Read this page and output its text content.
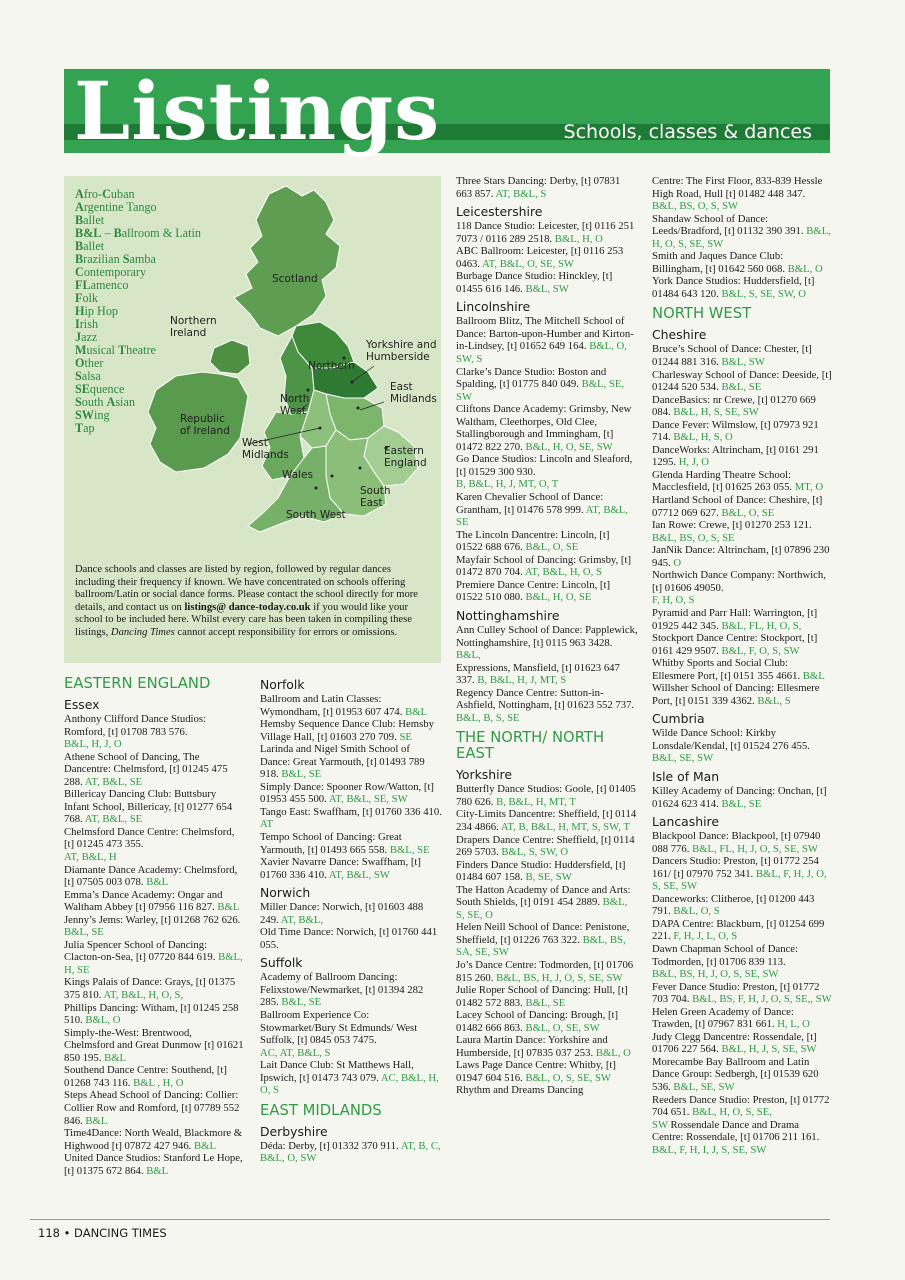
Listings	Schools, classes & dances
Afro-Cuban
Argentine Tango
Ballet
B&L – Ballroom & Latin
Ballet
Brazilian Samba
Contemporary
FLamenco
Folk
Hip Hop
Irish
Jazz
Musical Theatre
Other
Salsa
SEquence
South Asian
SWing
Tap
Scotland
Northern
Ireland
Yorkshire and
Humberside
Northern
East
Midlands
North
West
Republic
of Ireland
West
Midlands	Eastern
England
Wales
South
East
South West
Dance schools and classes are listed by region, followed by regular dances including their frequency if known. We have concentrated on schools offering ballroom/Latin or social dance forms. Please contact the school directly for more details, and contact us on listings@ dance-today.co.uk if you would like your school to be included here. Whilst every care has been taken in compiling these listings, Dancing Times cannot accept responsibility for errors or omissions.
EASTERN ENGLAND
Essex
Anthony Clifford Dance Studios: Romford, [t] 01708 783 576.
B&L, H, J, O
Athene School of Dancing, The Dancentre: Chelmsford, [t] 01245 475 288. AT, B&L, SE
Billericay Dancing Club: Buttsbury Infant School, Billericay, [t] 01277 654 768. AT, B&L, SE
Chelmsford Dance Centre: Chelmsford, [t] 01245 473 355.
AT, B&L, H
Diamante Dance Academy: Chelmsford, [t] 07505 003 078. B&L
Emma’s Dance Academy: Ongar and Waltham Abbey [t] 07956 116 827. B&L
Jenny’s Jems: Warley, [t] 01268 762 626. B&L, SE
Julia Spencer School of Dancing: Clacton-on-Sea, [t] 07720 844 619. B&L, H, SE
Kings Palais of Dance: Grays, [t] 01375 375 810. AT, B&L, H, O, S,
Phillips Dancing: Witham, [t] 01245 258 510. B&L, O
Simply-the-West: Brentwood, Chelmsford and Great Dunmow [t] 01621 850 195. B&L
Southend Dance Centre: Southend, [t] 01268 743 116. B&L , H, O
Steps Ahead School of Dancing: Collier: Collier Row and Romford, [t] 07789 552 846. B&L
Time4Dance: North Weald, Blackmore & Highwood [t] 07872 427 946. B&L
United Dance Studios: Stanford Le Hope, [t] 01375 672 864. B&L
Norfolk
Ballroom and Latin Classes: Wymondham, [t] 01953 607 474. B&L
Hemsby Sequence Dance Club: Hemsby Village Hall, [t] 01603 270 709. SE
Larinda and Nigel Smith School of Dance: Great Yarmouth, [t] 01493 789 918. B&L, SE
Simply Dance: Spooner Row/Watton, [t] 01953 455 500. AT, B&L, SE, SW
Tango East: Swaffham, [t] 01760 336 410. AT
Tempo School of Dancing: Great Yarmouth, [t] 01493 665 558. B&L, SE
Xavier Navarre Dance: Swaffham, [t] 01760 336 410. AT, B&L, SW
Norwich
Miller Dance: Norwich, [t] 01603 488 249. AT, B&L,
Old Time Dance: Norwich, [t] 01760 441 055.
Suffolk
Academy of Ballroom Dancing: Felixstowe/Newmarket, [t] 01394 282 285. B&L, SE
Ballroom Experience Co: Stowmarket/Bury St Edmunds/ West Suffolk, [t] 0845 053 7475.
AC, AT, B&L, S
Lait Dance Club: St Matthews Hall, Ipswich, [t] 01473 743 079. AC, B&L, H, O, S
EAST MIDLANDS
Derbyshire
Déda: Derby, [t] 01332 370 911. AT, B, C, B&L, O, SW
Three Stars Dancing: Derby, [t] 07831 663 857. AT, B&L, S
Leicestershire
118 Dance Studio: Leicester, [t] 0116 251 7073 / 0116 289 2518. B&L, H, O
ABC Ballroom: Leicester, [t] 0116 253 0463. AT, B&L, O, SE, SW
Burbage Dance Studio: Hinckley, [t] 01455 616 146. B&L, SW
Lincolnshire
Ballroom Blitz, The Mitchell School of Dance: Barton-upon-Humber and Kirton-in-Lindsey, [t] 01652 649 164. B&L, O, SW, S
Clarke’s Dance Studio: Boston and Spalding, [t] 01775 840 049. B&L, SE, SW
Cliftons Dance Academy: Grimsby, New Waltham, Cleethorpes, Old Clee, Stallingborough and Immingham, [t] 01472 822 270. B&L, H, O, SE, SW
Go Dance Studios: Lincoln and Sleaford, [t] 01529 300 930.
B, B&L, H, J, MT, O, T
Karen Chevalier School of Dance: Grantham, [t] 01476 578 999. AT, B&L, SE
The Lincoln Dancentre: Lincoln, [t] 01522 688 676. B&L, O, SE
Mayfair School of Dancing: Grimsby, [t] 01472 870 704. AT, B&L, H, O, S
Premiere Dance Centre: Lincoln, [t] 01522 510 080. B&L, H, O, SE
Nottinghamshire
Ann Culley School of Dance: Papplewick, Nottinghamshire, [t] 0115 963 3428. B&L,
Expressions, Mansfield, [t] 01623 647 337. B, B&L, H, J, MT, S
Regency Dance Centre: Sutton-in-Ashfield, Nottingham, [t] 01623 552 737. B&L, B, S, SE
THE NORTH/ NORTH EAST
Yorkshire
Butterfly Dance Studios: Goole, [t] 01405 780 626. B, B&L, H, MT, T
City-Limits Dancentre: Sheffield, [t] 0114 234 4866. AT, B, B&L, H, MT, S, SW, T
Drapers Dance Centre: Sheffield, [t] 0114 269 5703. B&L, S, SW, O
Finders Dance Studio: Huddersfield, [t] 01484 607 158. B, SE, SW
The Hatton Academy of Dance and Arts: South Shields, [t] 0191 454 2889. B&L, S, SE, O
Helen Neill School of Dance: Penistone, Sheffield, [t] 01226 763 322. B&L, BS, SA, SE, SW
Jo’s Dance Centre: Todmorden, [t] 01706 815 260. B&L, BS, H, J, O, S, SE, SW
Julie Roper School of Dancing: Hull, [t] 01482 572 883. B&L, SE
Lacey School of Dancing: Brough, [t] 01482 666 863. B&L, O, SE, SW
Laura Martin Dance: Yorkshire and Humberside, [t] 07835 037 253. B&L, O
Laws Page Dance Centre: Whitby, [t] 01947 604 516. B&L, O, S, SE, SW
Rhythm and Dreams Dancing
Centre: The First Floor, 833-839 Hessle High Road, Hull [t] 01482 448 347. B&L, BS, O, S, SW
Shandaw School of Dance: Leeds/Bradford, [t] 01132 390 391. B&L, H, O, S, SE, SW
Smith and Jaques Dance Club: Billingham, [t] 01642 560 068. B&L, O
York Dance Studios: Huddersfield, [t] 01484 643 120. B&L, S, SE, SW, O
NORTH WEST
Cheshire
Bruce’s School of Dance: Chester, [t] 01244 881 316. B&L, SW
Charlesway School of Dance: Deeside, [t] 01244 520 534. B&L, SE
DanceBasics: nr Crewe, [t] 01270 669 084. B&L, H, S, SE, SW
Dance Fever: Wilmslow, [t] 07973 921 714. B&L, H, S, O
DanceWorks: Altrincham, [t] 0161 291 1295. H, J, O
Glenda Harding Theatre School: Macclesfield, [t] 01625 263 055. MT, O
Hartland School of Dance: Cheshire, [t] 07712 069 627. B&L, O, SE
Ian Rowe: Crewe, [t] 01270 253 121. B&L, BS, O, S, SE
JanNik Dance: Altrincham, [t] 07896 230 945. O
Northwich Dance Company: Northwich, [t] 01606 49050.
F, H, O, S
Pyramid and Parr Hall: Warrington, [t] 01925 442 345. B&L, FL, H, O, S,
Stockport Dance Centre: Stockport, [t] 0161 429 9507. B&L, F, O, S, SW
Whitby Sports and Social Club: Ellesmere Port, [t] 0151 355 4661. B&L
Willsher School of Dancing: Ellesmere Port, [t] 0151 339 4362. B&L, S
Cumbria
Wilde Dance School: Kirkby Lonsdale/Kendal, [t] 01524 276 455. B&L, SE, SW
Isle of Man
Killey Academy of Dancing: Onchan, [t] 01624 623 414. B&L, SE
Lancashire
Blackpool Dance: Blackpool, [t] 07940 088 776. B&L, FL, H, J, O, S, SE, SW
Dancers Studio: Preston, [t] 01772 254 161/ [t] 07970 752 341. B&L, F, H, J, O, S, SE, SW
Danceworks: Clitheroe, [t] 01200 443 791. B&L, O, S
DAPA Centre: Blackburn, [t] 01254 699 221. F, H, J, L, O, S
Dawn Chapman School of Dance: Todmorden, [t] 01706 839 113.
B&L, BS, H, J, O, S, SE, SW
Fever Dance Studio: Preston, [t] 01772 703 704. B&L, BS, F, H, J, O, S, SE,, SW
Helen Green Academy of Dance: Trawden, [t] 07967 831 661. H, L, O
Judy Clegg Dancentre: Rossendale, [t] 01706 227 564. B&L, H, J, S, SE, SW
Morecambe Bay Ballroom and Latin Dance Group: Sedbergh, [t] 01539 620 536. B&L, SE, SW
Reeders Dance Studio: Preston, [t] 01772 704 651. B&L, H, O, S, SE,
SW Rossendale Dance and Drama Centre: Rossendale, [t] 01706 211 161. B&L, F, H, I, J, S, SE, SW
118 • DANCING TIMES
